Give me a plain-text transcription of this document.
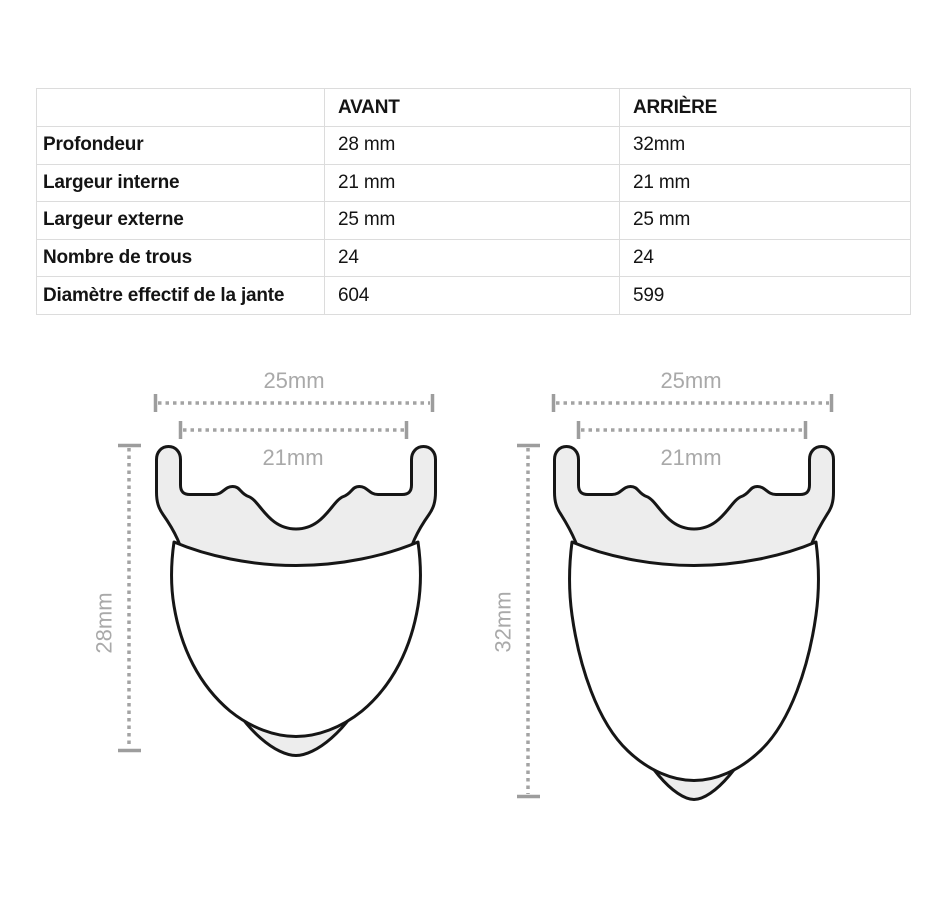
	AVANT	ARRIÈRE
Profondeur	28 mm	32mm
Largeur interne	21 mm	21 mm
Largeur externe	25 mm	25 mm
Nombre de trous	24	24
Diamètre effectif de la jante	604	599
25mm
21mm
28mm
25mm
21mm
32mm
